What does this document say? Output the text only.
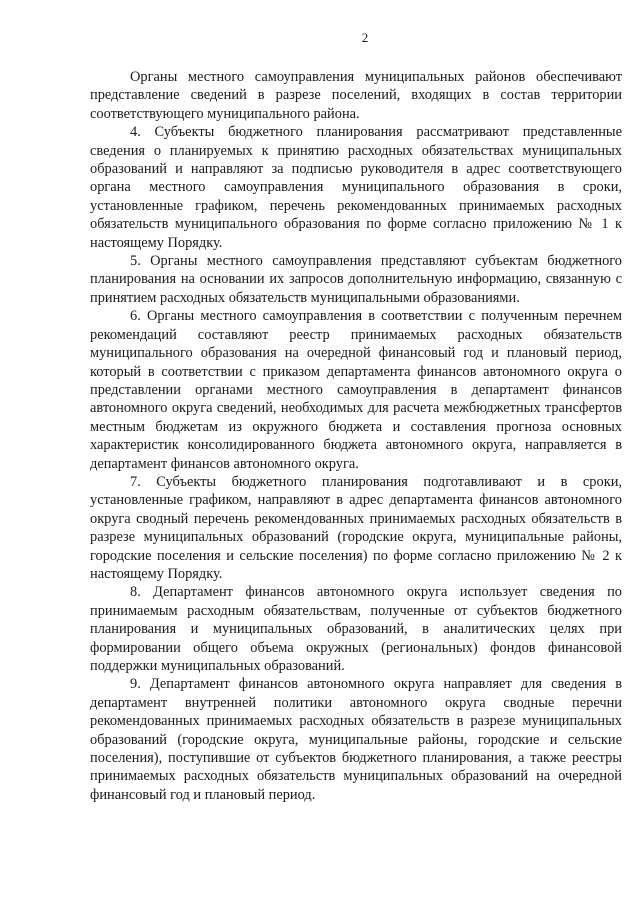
2

Органы местного самоуправления муниципальных районов обеспечивают представление сведений в разрезе поселений, входящих в состав территории соответствующего муниципального района.

4. Субъекты бюджетного планирования рассматривают представленные сведения о планируемых к принятию расходных обязательствах муниципальных образований и направляют за подписью руководителя в адрес соответствующего органа местного самоуправления муниципального образования в сроки, установленные графиком, перечень рекомендованных принимаемых расходных обязательств муниципального образования по форме согласно приложению № 1 к настоящему Порядку.

5. Органы местного самоуправления представляют субъектам бюджетного планирования на основании их запросов дополнительную информацию, связанную с принятием расходных обязательств муниципальными образованиями.

6. Органы местного самоуправления в соответствии с полученным перечнем рекомендаций составляют реестр принимаемых расходных обязательств муниципального образования на очередной финансовый год и плановый период, который в соответствии с приказом департамента финансов автономного округа о представлении органами местного самоуправления в департамент финансов автономного округа сведений, необходимых для расчета межбюджетных трансфертов местным бюджетам из окружного бюджета и составления прогноза основных характеристик консолидированного бюджета автономного округа, направляется в департамент финансов автономного округа.

7. Субъекты бюджетного планирования подготавливают и в сроки, установленные графиком, направляют в адрес департамента финансов автономного округа сводный перечень рекомендованных принимаемых расходных обязательств в разрезе муниципальных образований (городские округа, муниципальные районы, городские поселения и сельские поселения) по форме согласно приложению № 2 к настоящему Порядку.

8. Департамент финансов автономного округа использует сведения по принимаемым расходным обязательствам, полученные от субъектов бюджетного планирования и муниципальных образований, в аналитических целях при формировании общего объема окружных (региональных) фондов финансовой поддержки муниципальных образований.

9. Департамент финансов автономного округа направляет для сведения в департамент внутренней политики автономного округа сводные перечни рекомендованных принимаемых расходных обязательств в разрезе муниципальных образований (городские округа, муниципальные районы, городские и сельские поселения), поступившие от субъектов бюджетного планирования, а также реестры принимаемых расходных обязательств муниципальных образований на очередной финансовый год и плановый период.
